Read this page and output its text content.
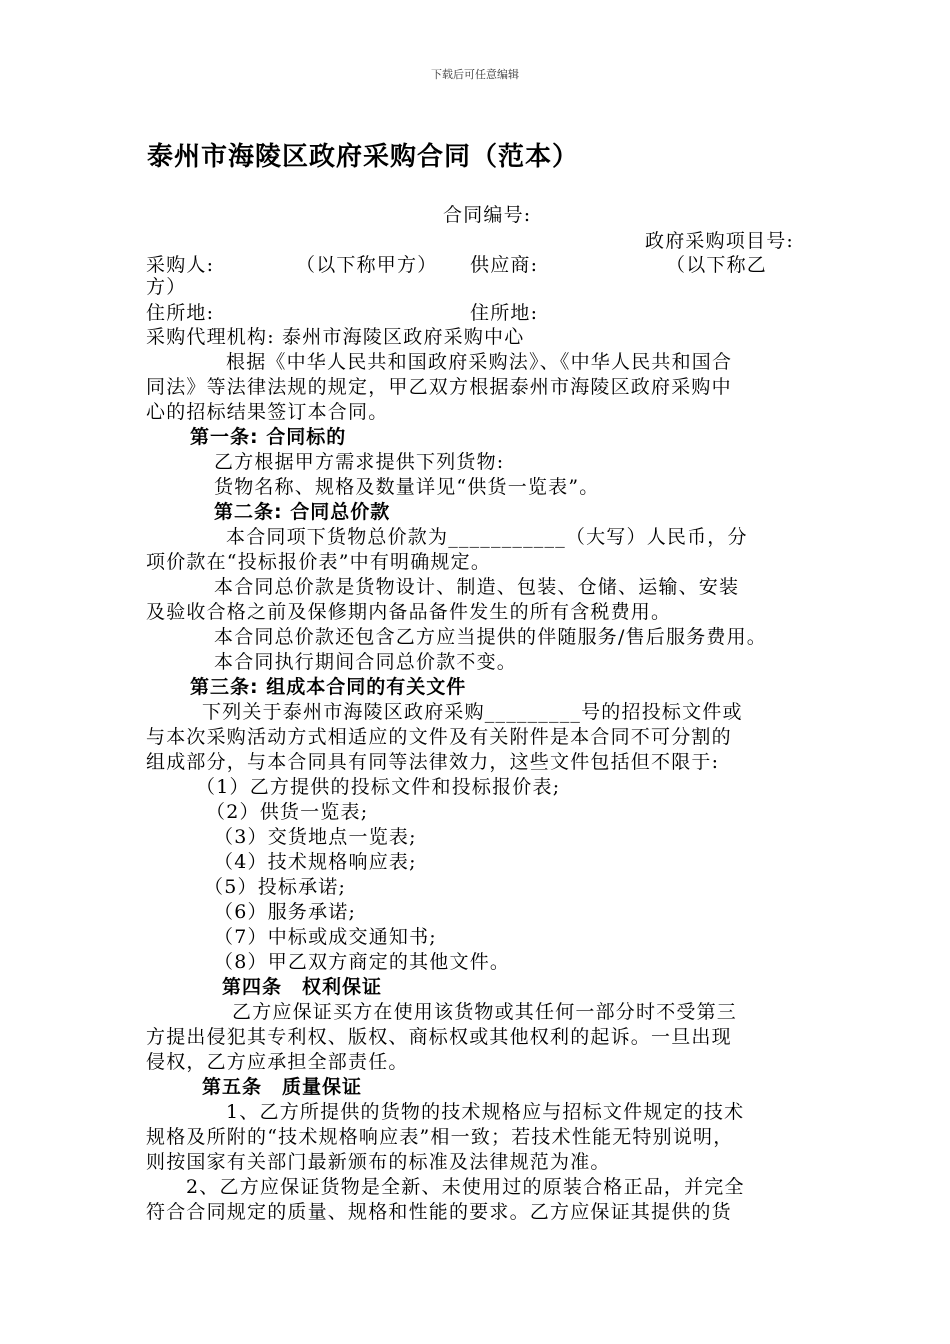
下载后可任意编辑
泰州市海陵区政府采购合同（范本）
合同编号:
政府采购项目号:
采购人:	（以下称甲方） 供应商:	（以下称乙
方）
住所地:	住所地:
采购代理机构: 泰州市海陵区政府采购中心
根据《中华人民共和国政府采购法》、《中华人民共和国合
同法》等法律法规的规定，甲乙双方根据泰州市海陵区政府采购中
心的招标结果签订本合同。
第一条: 合同标的
乙方根据甲方需求提供下列货物:
货物名称、规格及数量详见“供货一览表”。
第二条: 合同总价款
本合同项下货物总价款为___________（大写）人民币，分
项价款在“投标报价表”中有明确规定。
本合同总价款是货物设计、制造、包装、仓储、运输、安装
及验收合格之前及保修期内备品备件发生的所有含税费用。
本合同总价款还包含乙方应当提供的伴随服务/售后服务费用。
本合同执行期间合同总价款不变。
第三条: 组成本合同的有关文件
下列关于泰州市海陵区政府采购_________号的招投标文件或
与本次采购活动方式相适应的文件及有关附件是本合同不可分割的
组成部分，与本合同具有同等法律效力，这些文件包括但不限于:
（1）乙方提供的投标文件和投标报价表;
（2）供货一览表;
（3）交货地点一览表;
（4）技术规格响应表;
（5）投标承诺;
（6）服务承诺;
（7）中标或成交通知书;
（8）甲乙双方商定的其他文件。
第四条　权利保证
乙方应保证买方在使用该货物或其任何一部分时不受第三
方提出侵犯其专利权、版权、商标权或其他权利的起诉。一旦出现
侵权，乙方应承担全部责任。
第五条　质量保证
1、乙方所提供的货物的技术规格应与招标文件规定的技术
规格及所附的“技术规格响应表”相一致；若技术性能无特别说明，
则按国家有关部门最新颁布的标准及法律规范为准。
2、乙方应保证货物是全新、未使用过的原装合格正品，并完全
符合合同规定的质量、规格和性能的要求。乙方应保证其提供的货
